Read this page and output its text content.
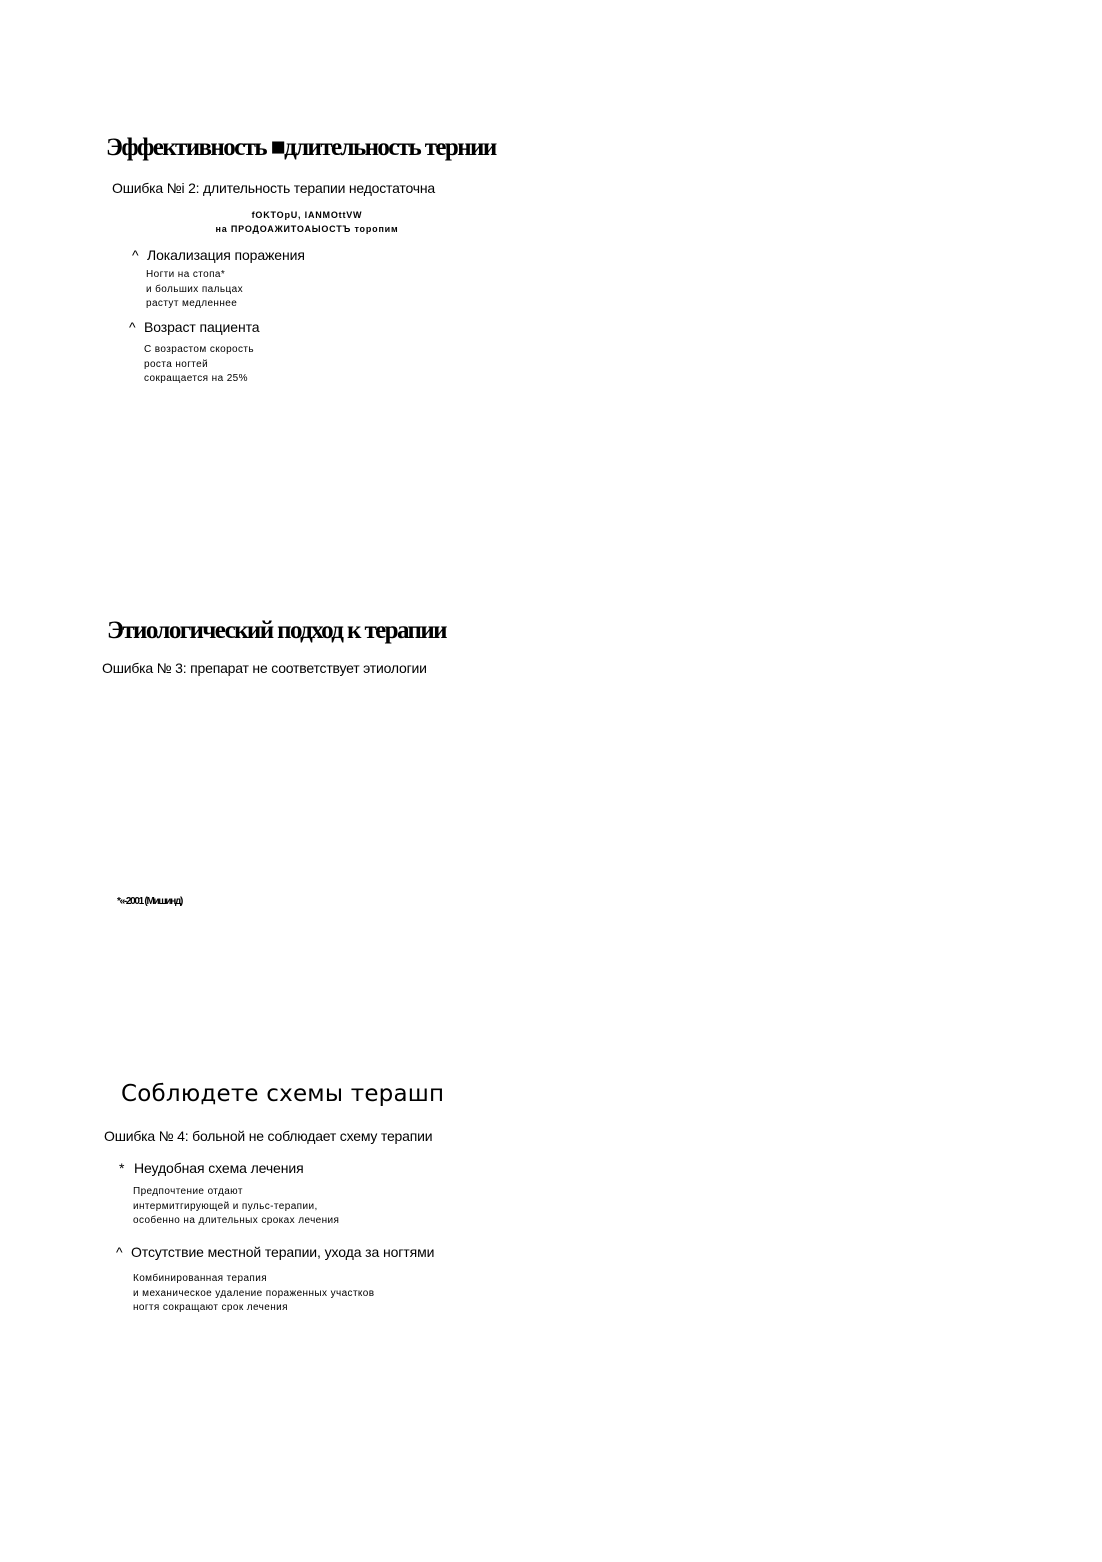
Эффективность ■длительность тернии
Ошибка №i 2: длительность терапии недостаточна
fOKTOpU, lANMOttVW
на ПРОДОАЖИТОАЫОСТЪ торопим
^ Локализация поражения
Ногти на стопа*
и больших пальцах
растут медленнее
^ Возраст пациента
С возрастом скорость
роста ногтей
сокращается на 25%
Этиологический подход к терапии
Ошибка № 3: препарат не соответствует этиологии
*«-2001 (Мишинд)
Соблюдете схемы терашп
Ошибка № 4: больной не соблюдает схему терапии
* Неудобная схема лечения
Предпочтение отдают
интермитгирующей и пульс-терапии,
особенно на длительных сроках лечения
^ Отсутствие местной терапии, ухода за ногтями
Комбинированная терапия
и механическое удаление пораженных участков
ногтя сокращают срок лечения
